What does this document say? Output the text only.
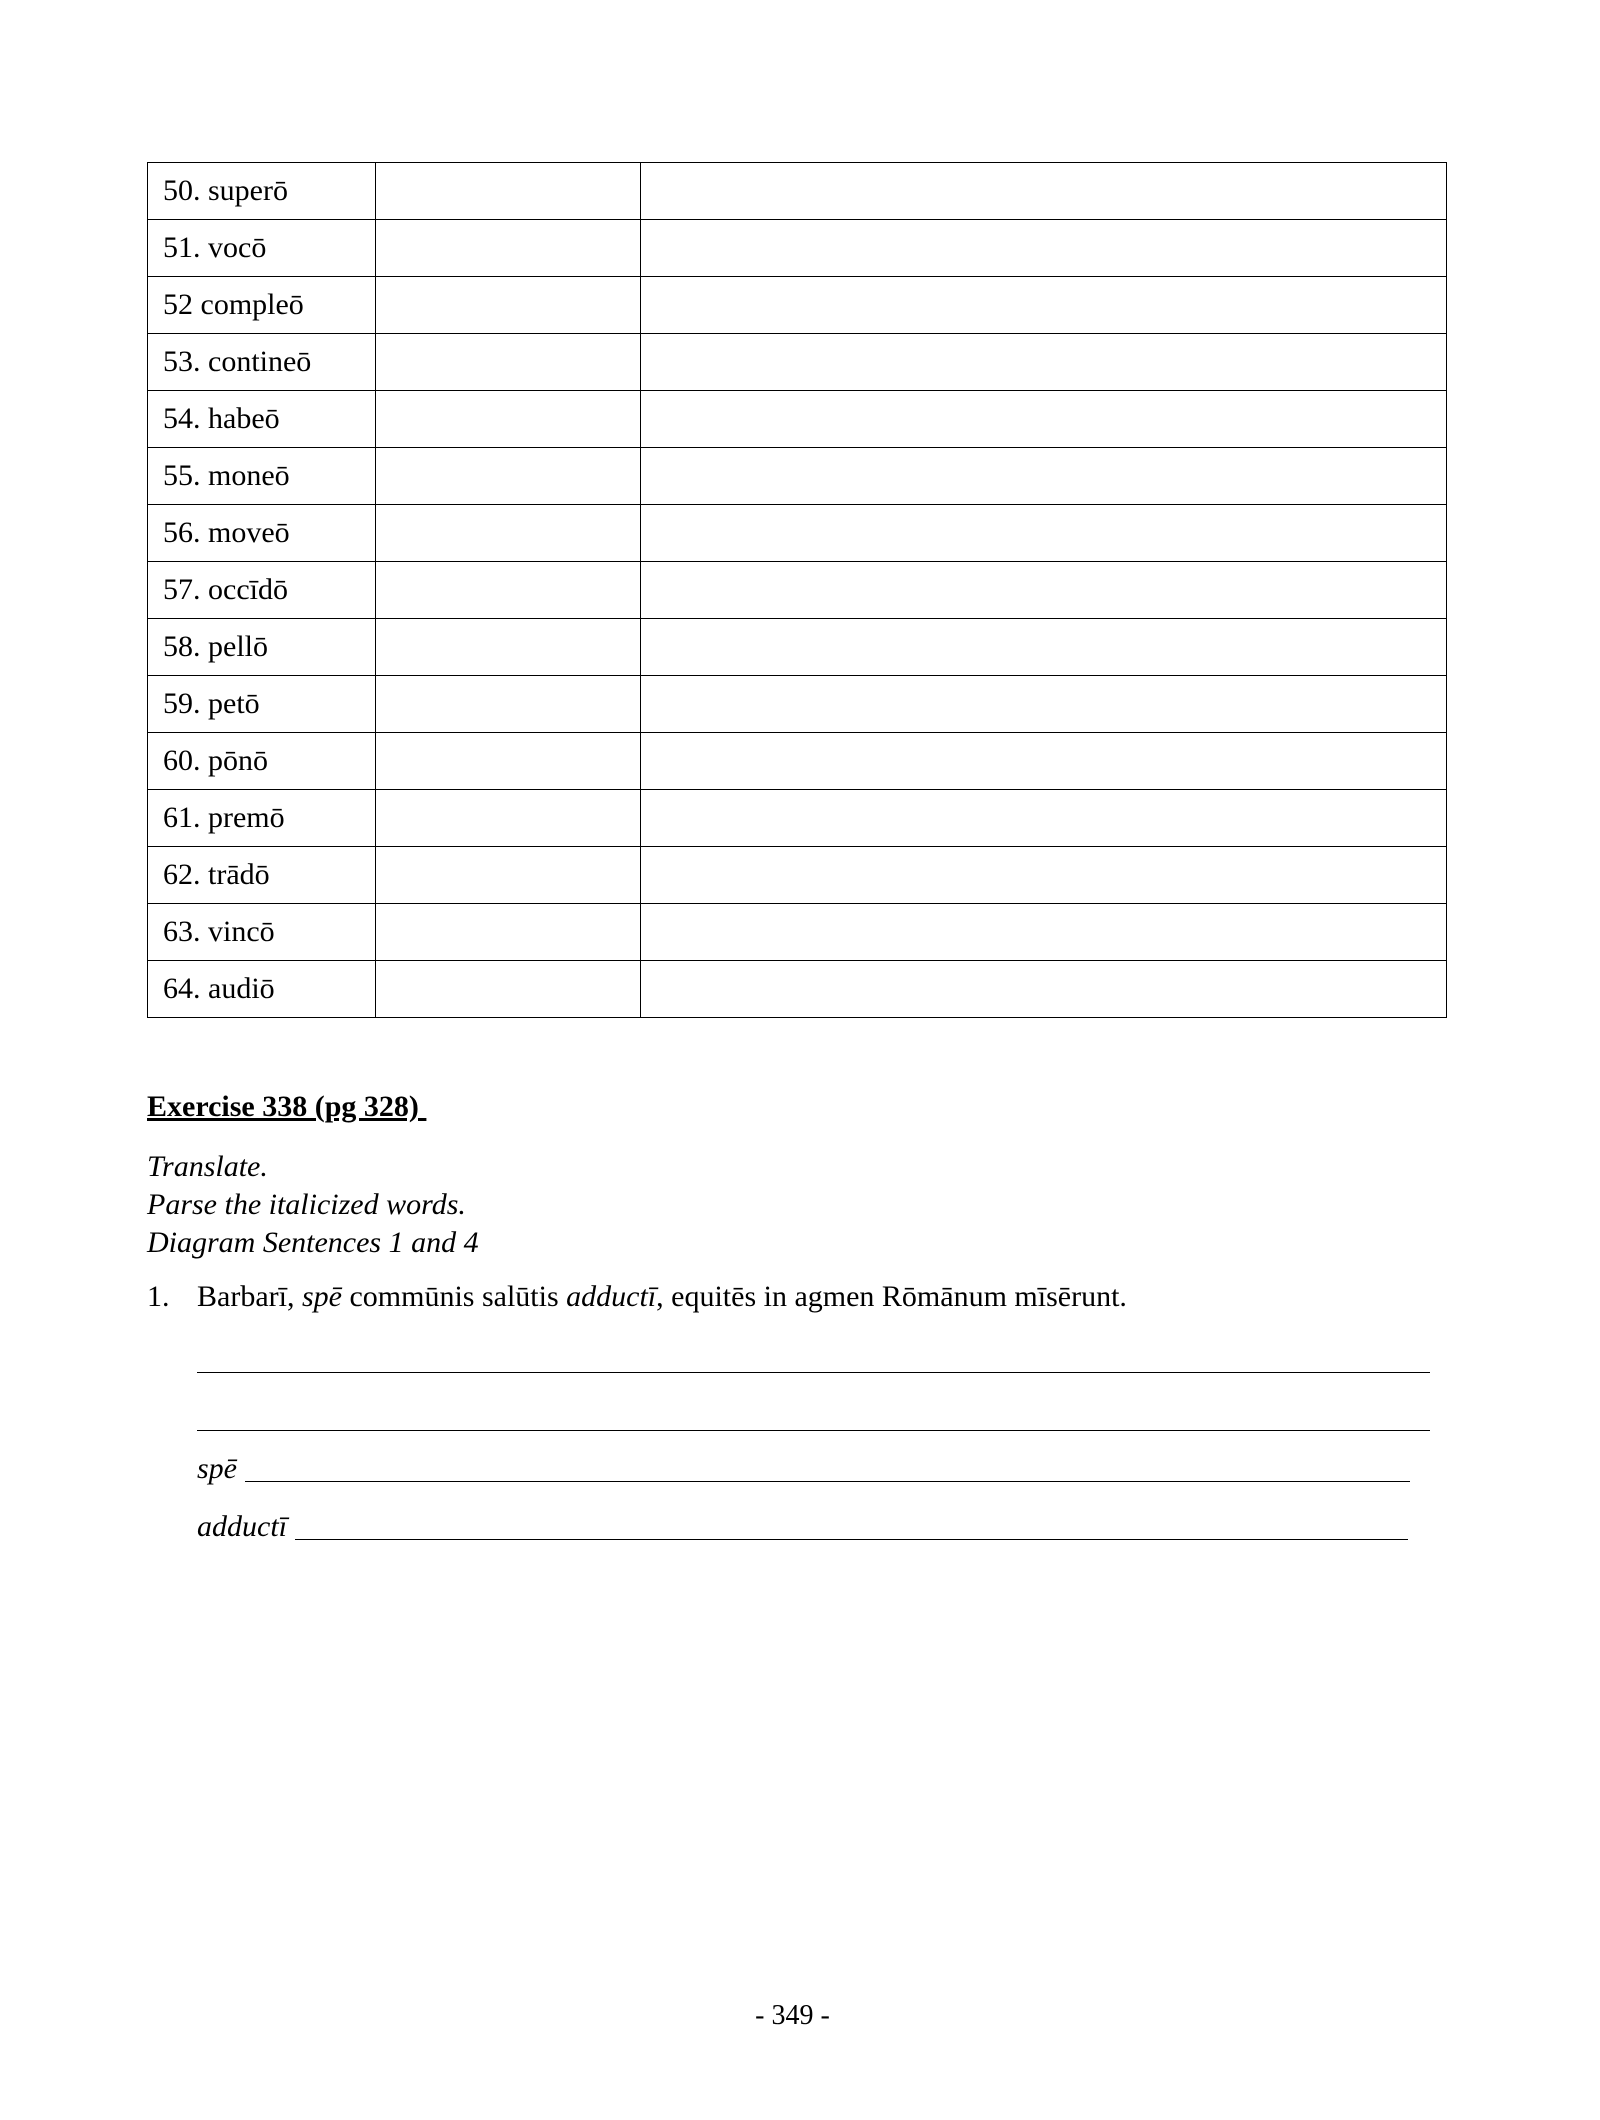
50. superō		
51. vocō		
52 compleō		
53. contineō		
54. habeō		
55. moneō		
56. moveō		
57. occīdō		
58. pellō		
59. petō		
60. pōnō		
61. premō		
62. trādō		
63. vincō		
64. audiō		
Exercise 338 (pg 328)
Translate.
Parse the italicized words.
Diagram Sentences 1 and 4
1. Barbarī, spē commūnis salūtis adductī, equitēs in agmen Rōmānum mīsērunt.
spē
adductī
- 349 -
